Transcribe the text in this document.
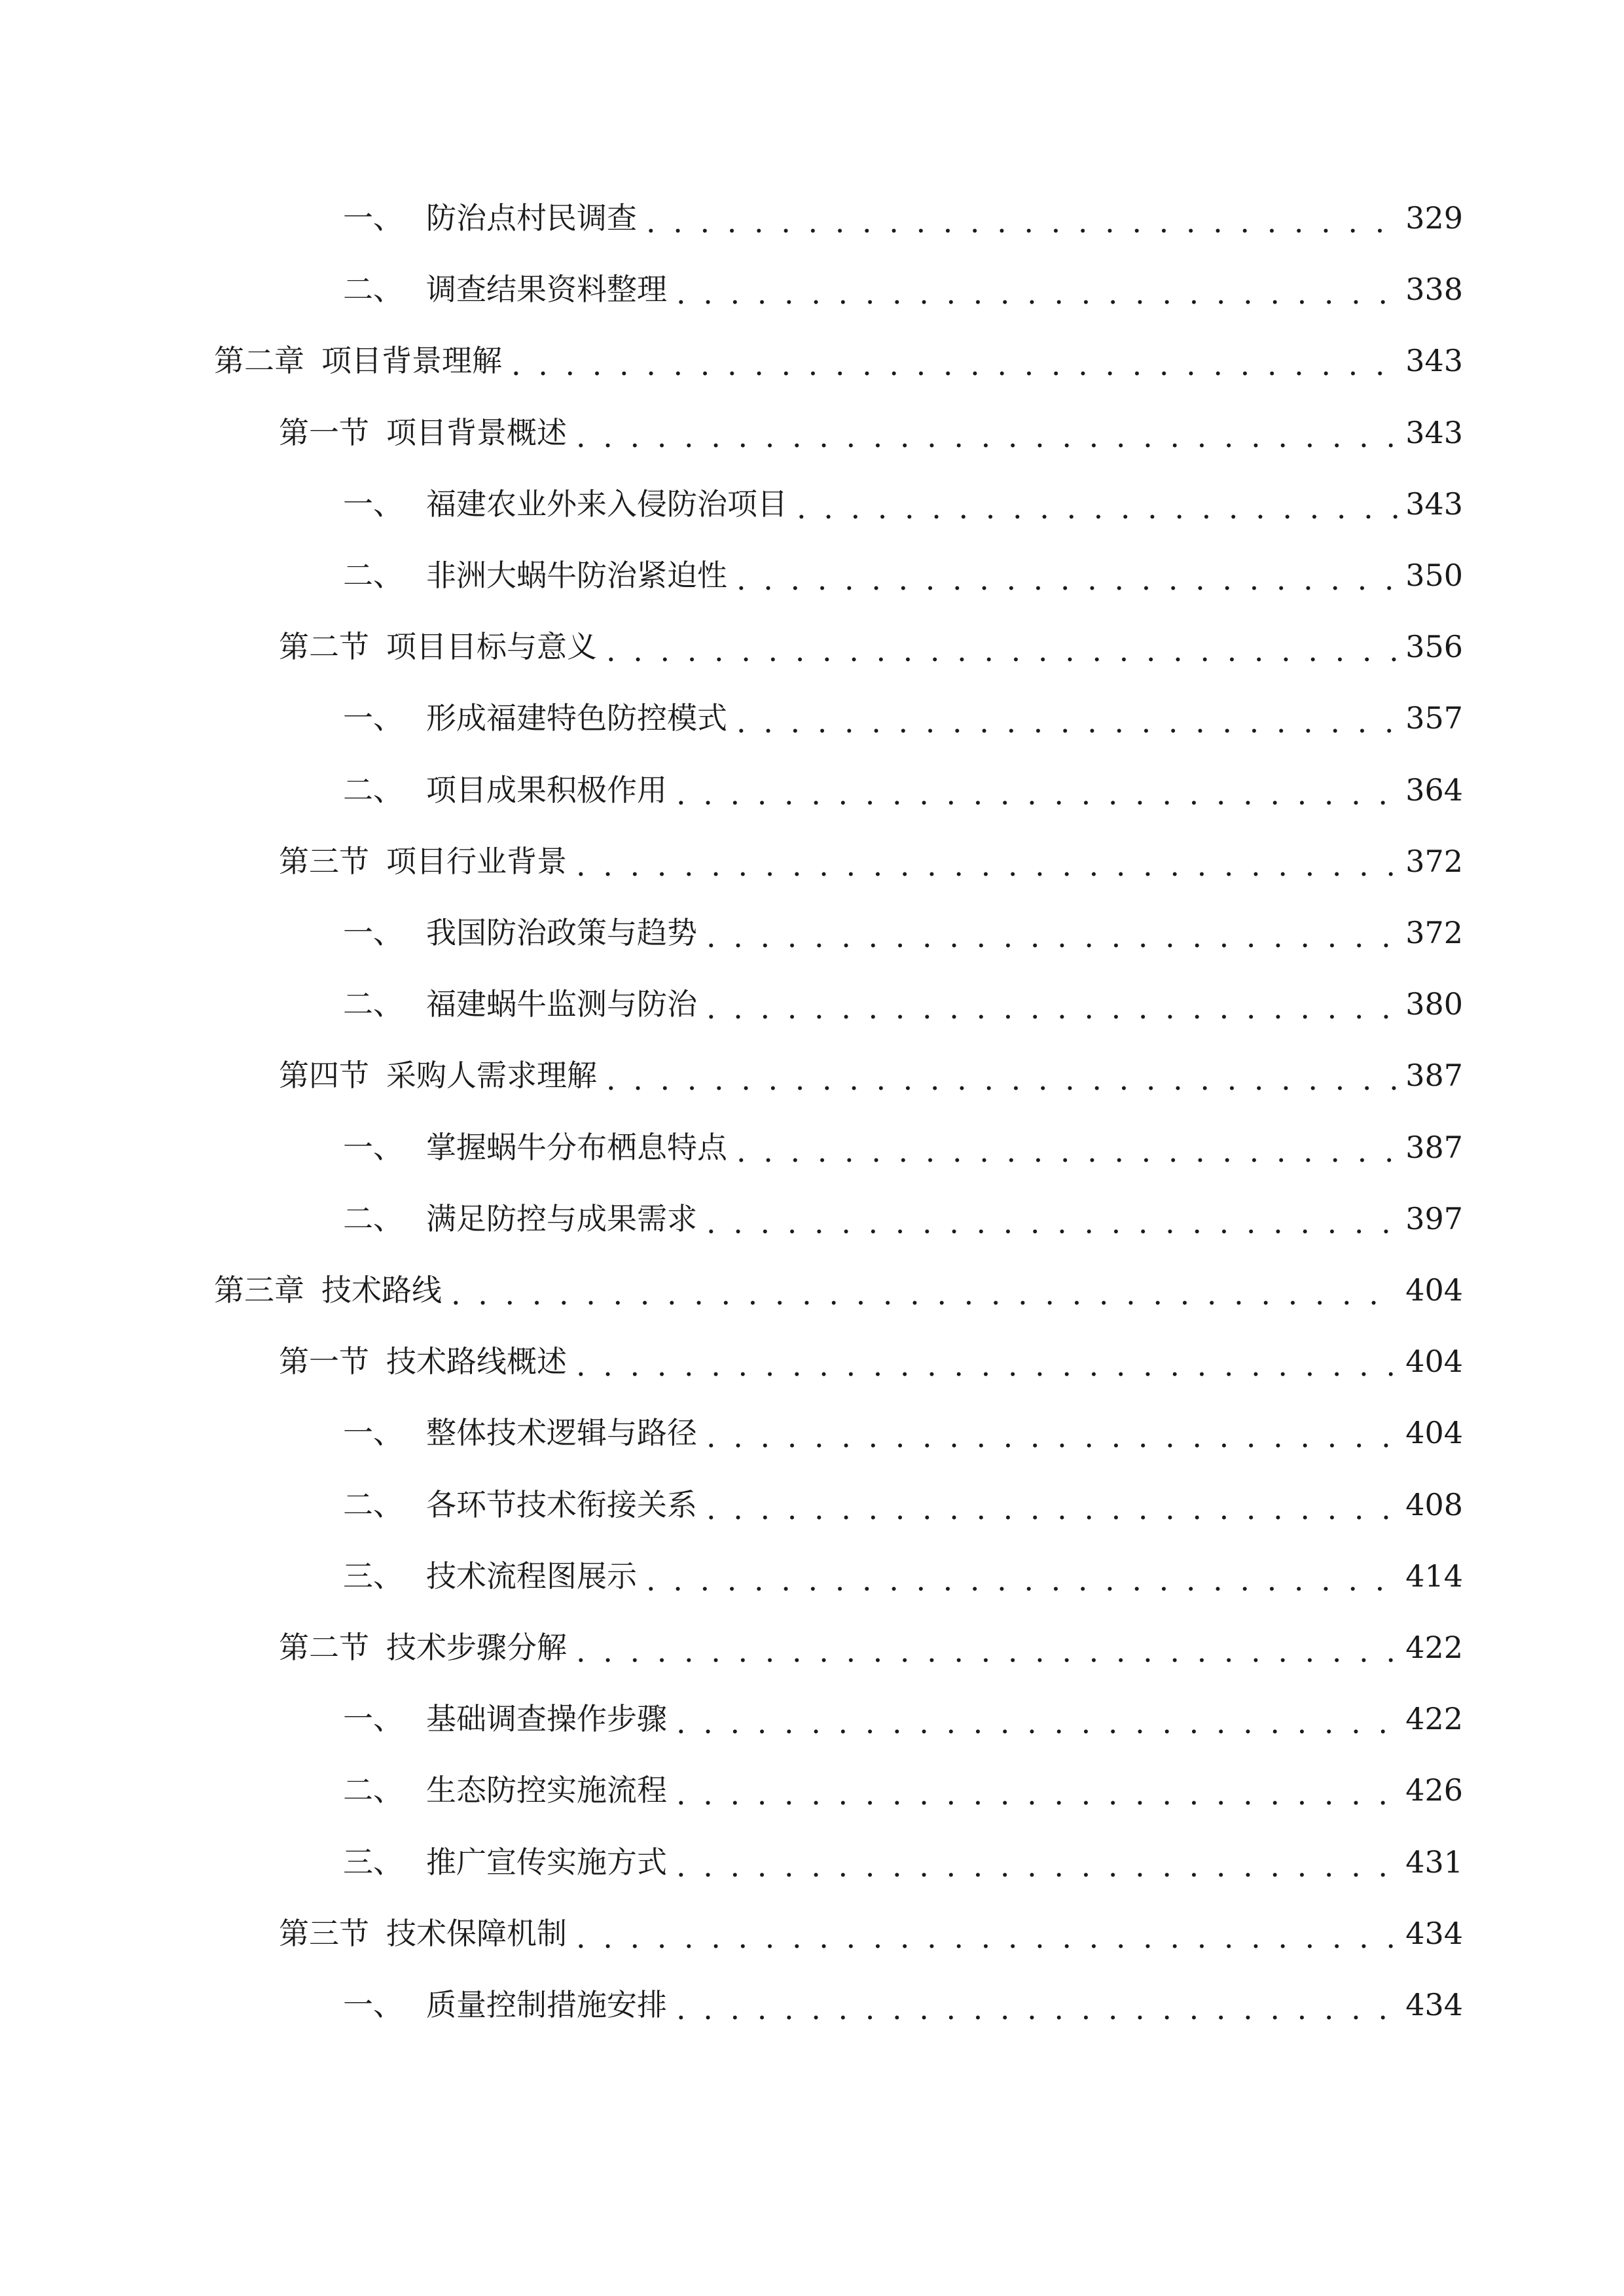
一、 防治点村民调查 . . .	329
二、 调查结果资料整理 . . .	338
第二章 项目背景理解 . . .	343
第一节 项目背景概述 . . .	343
一、 福建农业外来入侵防治项目 . . .	343
二、 非洲大蜗牛防治紧迫性 . . .	350
第二节 项目目标与意义 . . .	356
一、 形成福建特色防控模式 . . .	357
二、 项目成果积极作用 . . .	364
第三节 项目行业背景 . . .	372
一、 我国防治政策与趋势 . . .	372
二、 福建蜗牛监测与防治 . . .	380
第四节 采购人需求理解 . . .	387
一、 掌握蜗牛分布栖息特点 . . .	387
二、 满足防控与成果需求 . . .	397
第三章 技术路线 . . .	404
第一节 技术路线概述 . . .	404
一、 整体技术逻辑与路径 . . .	404
二、 各环节技术衔接关系 . . .	408
三、 技术流程图展示 . . .	414
第二节 技术步骤分解 . . .	422
一、 基础调查操作步骤 . . .	422
二、 生态防控实施流程 . . .	426
三、 推广宣传实施方式 . . .	431
第三节 技术保障机制 . . .	434
一、 质量控制措施安排 . . .	434
